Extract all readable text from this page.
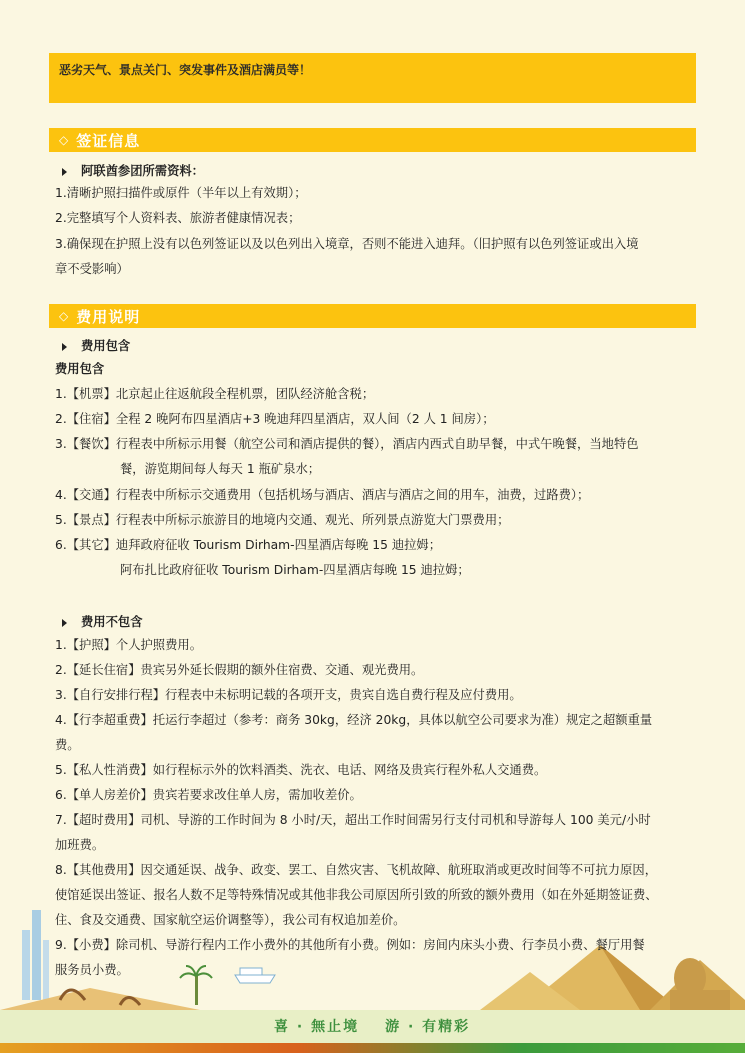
恶劣天气、景点关门、突发事件及酒店满员等！
◇ 签证信息
阿联酋参团所需资料：
1.清晰护照扫描件或原件（半年以上有效期）；
2.完整填写个人资料表、旅游者健康情况表；
3.确保现在护照上没有以色列签证以及以色列出入境章，否则不能进入迪拜。（旧护照有以色列签证或出入境
章不受影响）
◇ 费用说明
费用包含
费用包含
1.【机票】北京起止往返航段全程机票，团队经济舱含税；
2.【住宿】全程 2 晚阿布四星酒店+3 晚迪拜四星酒店，双人间（2 人 1 间房）；
3.【餐饮】行程表中所标示用餐（航空公司和酒店提供的餐），酒店内西式自助早餐，中式午晚餐，当地特色
餐，游览期间每人每天 1 瓶矿泉水；
4.【交通】行程表中所标示交通费用（包括机场与酒店、酒店与酒店之间的用车，油费，过路费）；
5.【景点】行程表中所标示旅游目的地境内交通、观光、所列景点游览大门票费用；
6.【其它】迪拜政府征收 Tourism Dirham-四星酒店每晚 15 迪拉姆；
阿布扎比政府征收 Tourism Dirham-四星酒店每晚 15 迪拉姆；
费用不包含
1.【护照】个人护照费用。
2.【延长住宿】贵宾另外延长假期的额外住宿费、交通、观光费用。
3.【自行安排行程】行程表中未标明记载的各项开支，贵宾自选自费行程及应付费用。
4.【行李超重费】托运行李超过（参考：商务 30kg，经济 20kg，具体以航空公司要求为准）规定之超额重量
费。
5.【私人性消费】如行程标示外的饮料酒类、洗衣、电话、网络及贵宾行程外私人交通费。
6.【单人房差价】贵宾若要求改住单人房，需加收差价。
7.【超时费用】司机、导游的工作时间为 8 小时/天，超出工作时间需另行支付司机和导游每人 100 美元/小时
加班费。
8.【其他费用】因交通延误、战争、政变、罢工、自然灾害、飞机故障、航班取消或更改时间等不可抗力原因，
使馆延误出签证、报名人数不足等特殊情况或其他非我公司原因所引致的所致的额外费用（如在外延期签证费、
住、食及交通费、国家航空运价调整等），我公司有权追加差价。
9.【小费】除司机、导游行程内工作小费外的其他所有小费。例如：房间内床头小费、行李员小费、餐厅用餐
服务员小费。
喜 · 無止境 游 · 有精彩
